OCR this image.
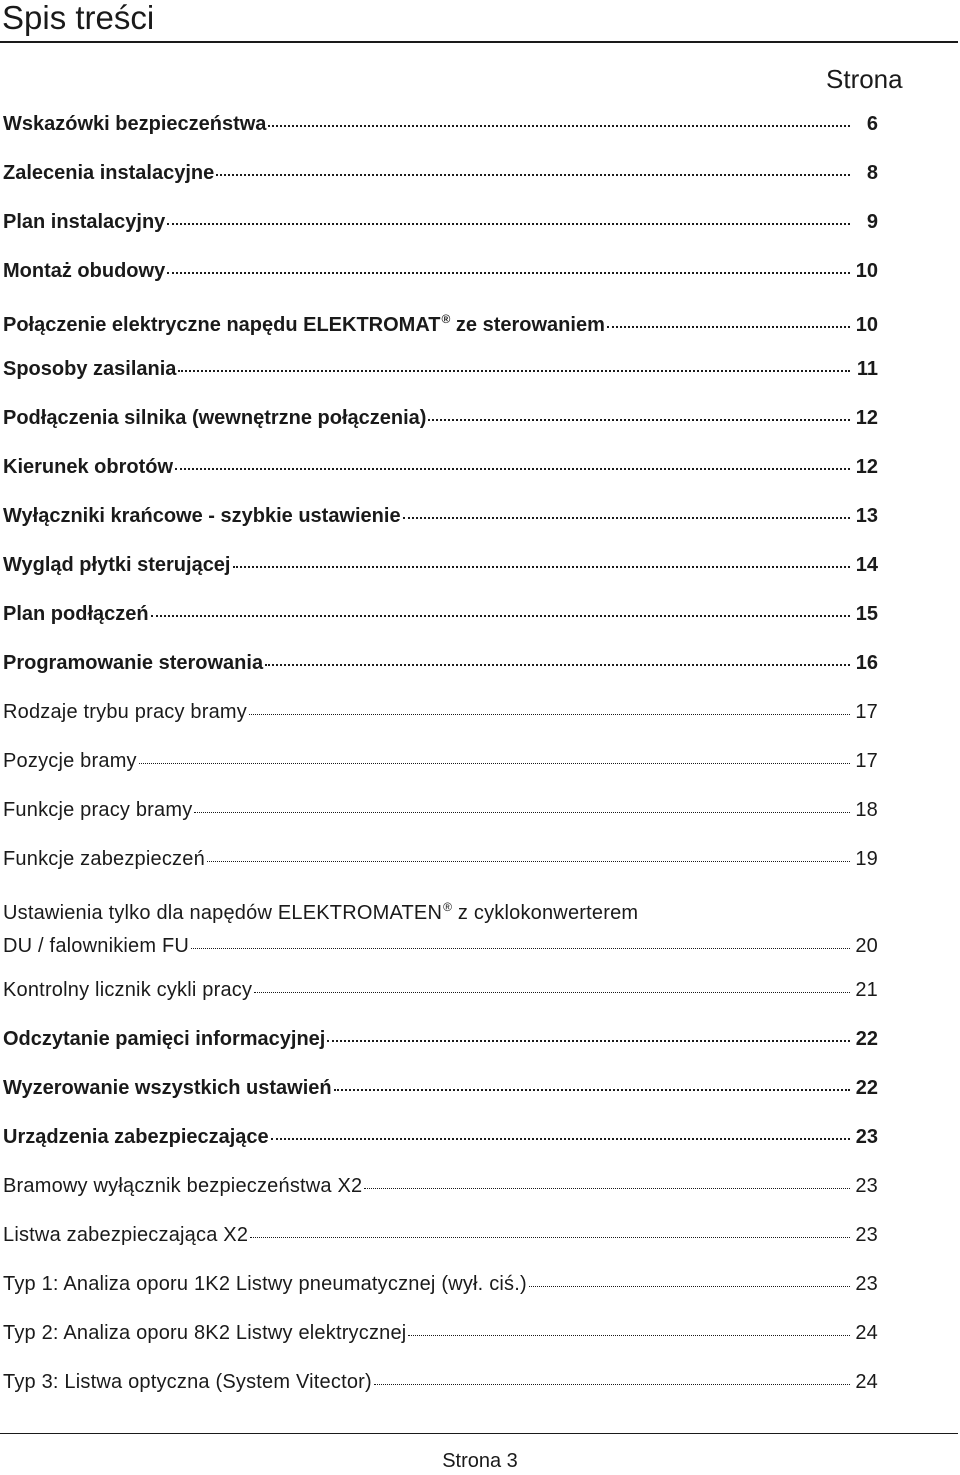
Spis treści
Strona
Wskazówki bezpieczeństwa	6
Zalecenia instalacyjne	8
Plan instalacyjny	9
Montaż obudowy	10
Połączenie elektryczne napędu ELEKTROMAT® ze sterowaniem	10
Sposoby zasilania	11
Podłączenia silnika (wewnętrzne połączenia)	12
Kierunek obrotów	12
Wyłączniki krańcowe - szybkie ustawienie	13
Wygląd płytki sterującej	14
Plan podłączeń	15
Programowanie sterowania	16
Rodzaje trybu pracy bramy	17
Pozycje bramy	17
Funkcje pracy bramy	18
Funkcje zabezpieczeń	19
Ustawienia tylko dla napędów ELEKTROMATEN® z cyklokonwerterem
DU / falownikiem FU	20
Kontrolny licznik cykli pracy	21
Odczytanie pamięci informacyjnej	22
Wyzerowanie wszystkich ustawień	22
Urządzenia zabezpieczające	23
Bramowy wyłącznik bezpieczeństwa X2	23
Listwa zabezpieczająca X2	23
Typ 1: Analiza oporu 1K2 Listwy pneumatycznej (wył. ciś.)	23
Typ 2: Analiza oporu 8K2 Listwy elektrycznej	24
Typ 3: Listwa optyczna (System Vitector)	24
Strona 3
